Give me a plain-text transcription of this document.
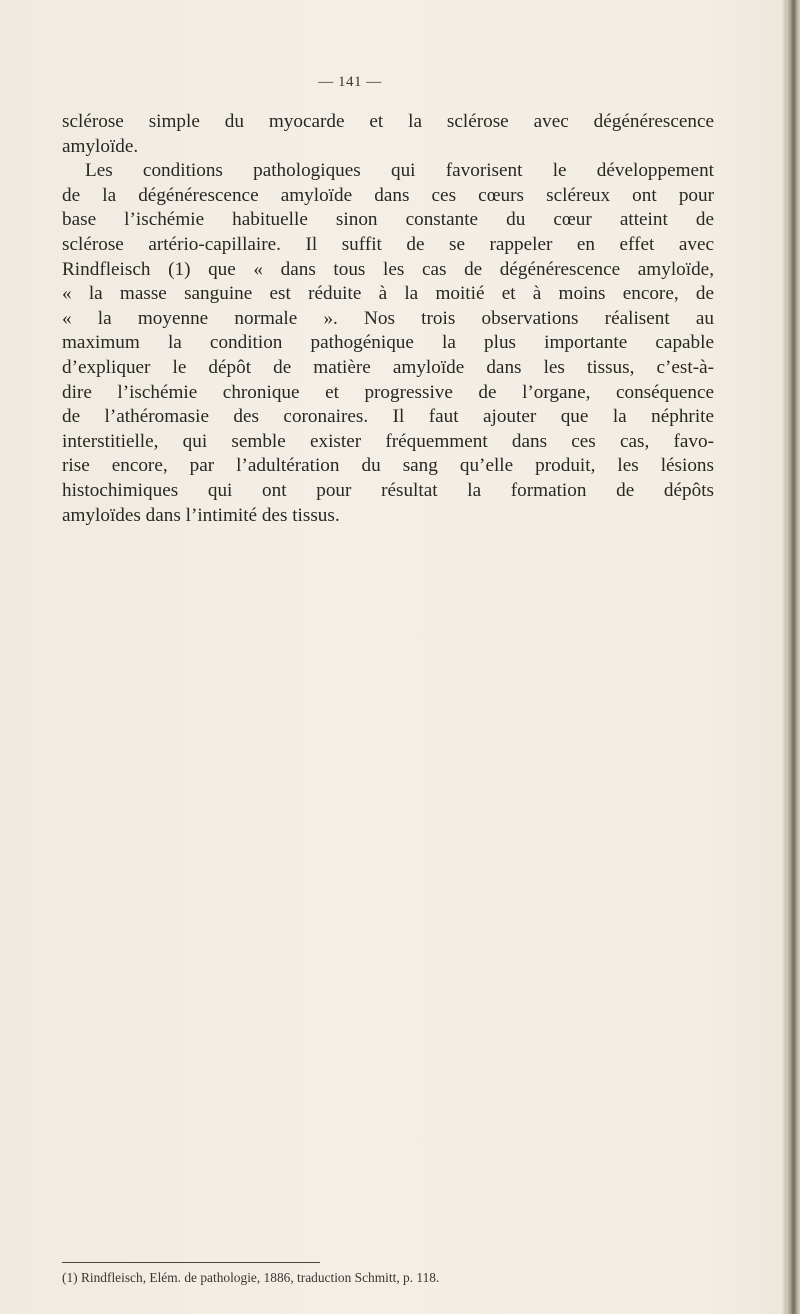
— 141 —
sclérose simple du myocarde et la sclérose avec dégénérescence
amyloïde.
Les conditions pathologiques qui favorisent le développement
de la dégénérescence amyloïde dans ces cœurs scléreux ont pour
base l’ischémie habituelle sinon constante du cœur atteint de
sclérose artério-capillaire. Il suffit de se rappeler en effet avec
Rindfleisch (1) que « dans tous les cas de dégénérescence amyloïde,
« la masse sanguine est réduite à la moitié et à moins encore, de
« la moyenne normale ». Nos trois observations réalisent au
maximum la condition pathogénique la plus importante capable
d’expliquer le dépôt de matière amyloïde dans les tissus, c’est-à-
dire l’ischémie chronique et progressive de l’organe, conséquence
de l’athéromasie des coronaires. Il faut ajouter que la néphrite
interstitielle, qui semble exister fréquemment dans ces cas, favo-
rise encore, par l’adultération du sang qu’elle produit, les lésions
histochimiques qui ont pour résultat la formation de dépôts
amyloïdes dans l’intimité des tissus.
(1) Rindfleisch, Elém. de pathologie, 1886, traduction Schmitt, p. 118.
